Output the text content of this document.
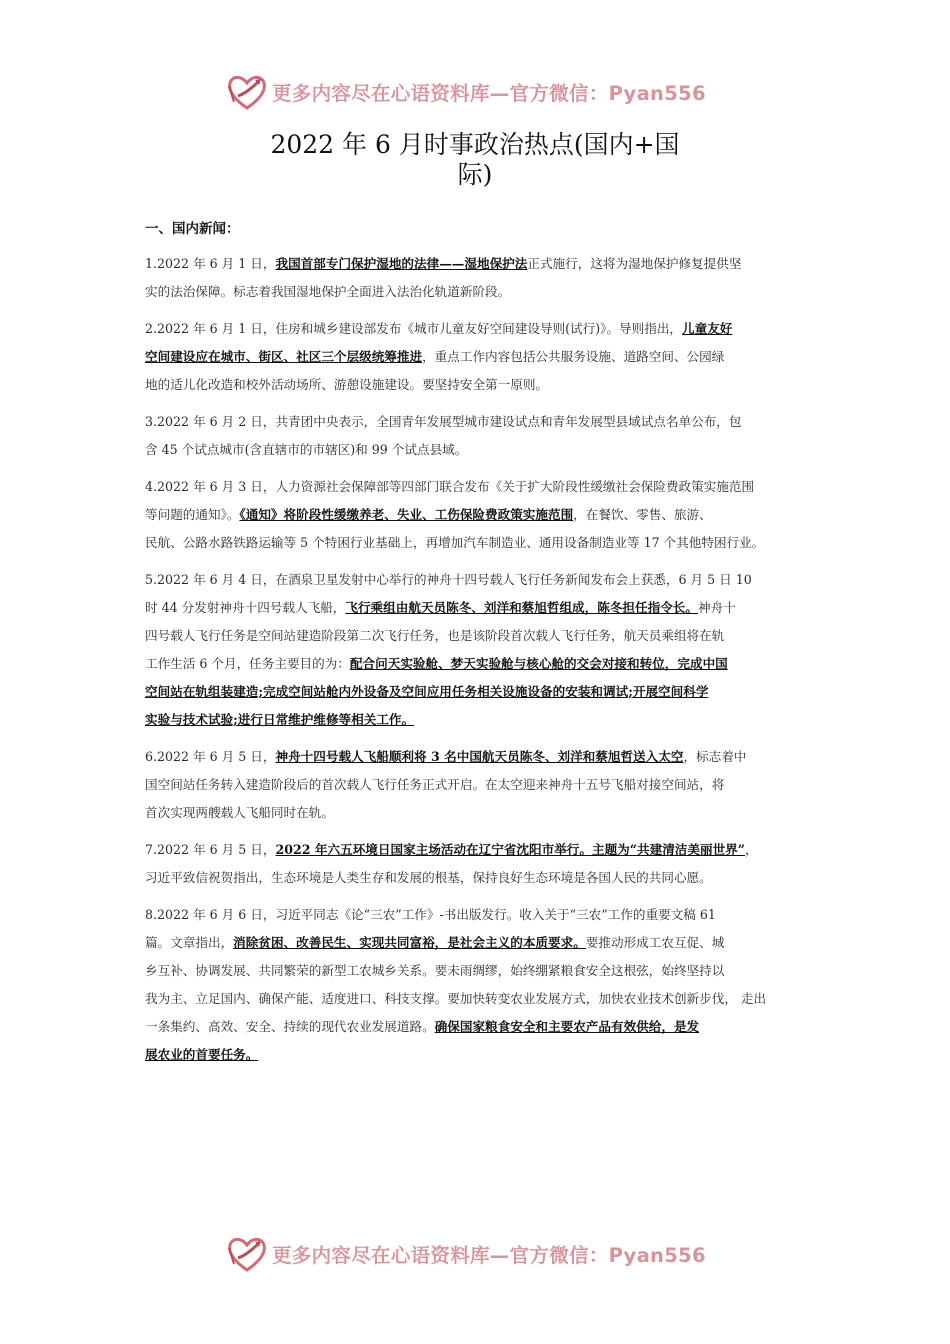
更多内容尽在心语资料库—官方微信：Pyan556
2022 年 6 月时事政治热点(国内+国
际)
一、国内新闻：

1.2022 年 6 月 1 日，我国首部专门保护湿地的法律——湿地保护法正式施行，这将为湿地保护修复提供坚

实的法治保障。标志着我国湿地保护全面进入法治化轨道新阶段。

2.2022 年 6 月 1 日，住房和城乡建设部发布《城市儿童友好空间建设导则(试行)》。导则指出，儿童友好

空间建设应在城市、街区、社区三个层级统筹推进，重点工作内容包括公共服务设施、道路空间、公园绿

地的适儿化改造和校外活动场所、游憩设施建设。要坚持安全第一原则。

3.2022 年 6 月 2 日，共青团中央表示，全国青年发展型城市建设试点和青年发展型县域试点名单公布，包

含 45 个试点城市(含直辖市的市辖区)和 99 个试点县域。

4.2022 年 6 月 3 日，人力资源社会保障部等四部门联合发布《关于扩大阶段性缓缴社会保险费政策实施范围

等问题的通知》。《通知》将阶段性缓缴养老、失业、工伤保险费政策实施范围，在餐饮、零售、旅游、

民航、公路水路铁路运输等 5 个特困行业基础上，再增加汽车制造业、通用设备制造业等 17 个其他特困行业。

5.2022 年 6 月 4 日，在酒泉卫星发射中心举行的神舟十四号载人飞行任务新闻发布会上获悉，6 月 5 日 10

时 44 分发射神舟十四号载人飞船，飞行乘组由航天员陈冬、刘洋和蔡旭哲组成，陈冬担任指令长。神舟十

四号载人飞行任务是空间站建造阶段第二次飞行任务，也是该阶段首次载人飞行任务，航天员乘组将在轨

工作生活 6 个月，任务主要目的为：配合问天实验舱、梦天实验舱与核心舱的交会对接和转位，完成中国

空间站在轨组装建造;完成空间站舱内外设备及空间应用任务相关设施设备的安装和调试;开展空间科学

实验与技术试验;进行日常维护维修等相关工作。

6.2022 年 6 月 5 日，神舟十四号载人飞船顺利将 3 名中国航天员陈冬、刘洋和蔡旭哲送入太空，标志着中

国空间站任务转入建造阶段后的首次载人飞行任务正式开启。在太空迎来神舟十五号飞船对接空间站，将

首次实现两艘载人飞船同时在轨。

7.2022 年 6 月 5 日，2022 年六五环境日国家主场活动在辽宁省沈阳市举行。主题为“共建清洁美丽世界”，

习近平致信祝贺指出，生态环境是人类生存和发展的根基，保持良好生态环境是各国人民的共同心愿。

8.2022 年 6 月 6 日，习近平同志《论“三农”工作》-书出版发行。收入关于“三农”工作的重要文稿 61

篇。文章指出，消除贫困、改善民生、实现共同富裕，是社会主义的本质要求。要推动形成工农互促、城

乡互补、协调发展、共同繁荣的新型工农城乡关系。要未雨绸缪，始终绷紧粮食安全这根弦，始终坚持以

我为主、立足国内、确保产能、适度进口、科技支撑。要加快转变农业发展方式，加快农业技术创新步伐， 走出

一条集约、高效、安全、持续的现代农业发展道路。确保国家粮食安全和主要农产品有效供给，是发

展农业的首要任务。

更多内容尽在心语资料库—官方微信：Pyan556
